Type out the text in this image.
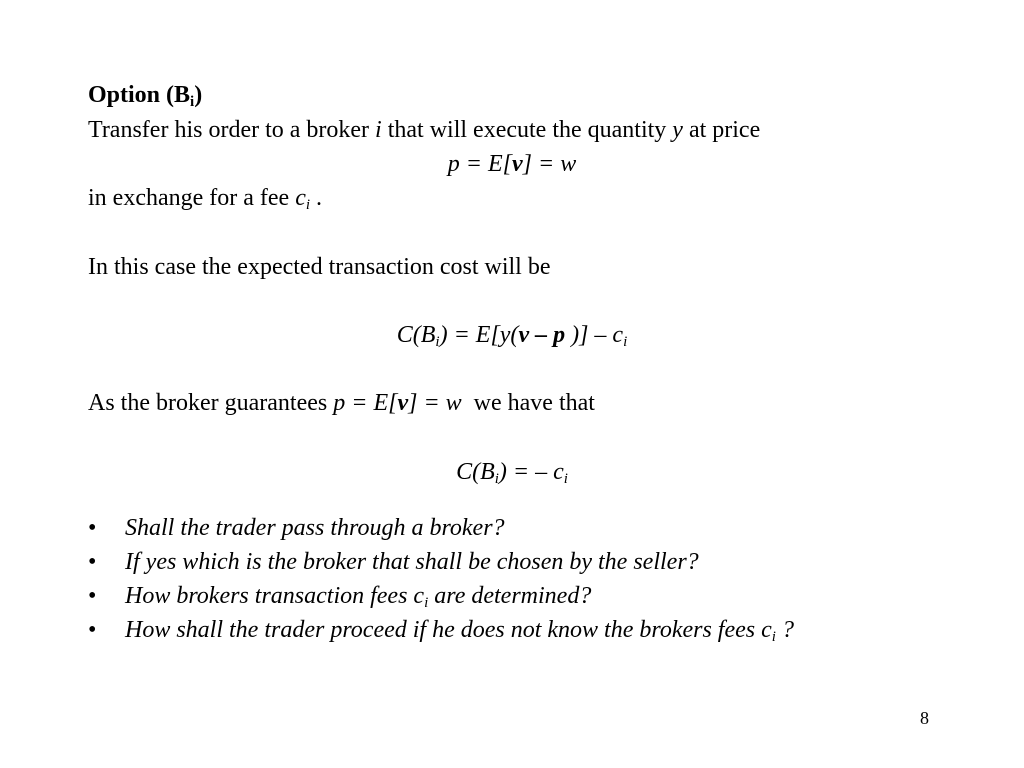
Option $(B_i)$
Transfer his order to a broker i that will execute the quantity y at price
p = E[v] = w
in exchange for a fee $c_i$ .
In this case the expected transaction cost will be
$C(B_i) = E[y(v - p$ )] – $c_i$
As the broker guarantees p = E[v] = w  we have that
$C(B_i)$ = – $c_i$
• Shall the trader pass through a broker?
• If yes which is the broker that shall be chosen by the seller?
• How brokers transaction fees $c_i$ are determined?
• How shall the trader proceed if he does not know the brokers fees $c_i$ ?
8
